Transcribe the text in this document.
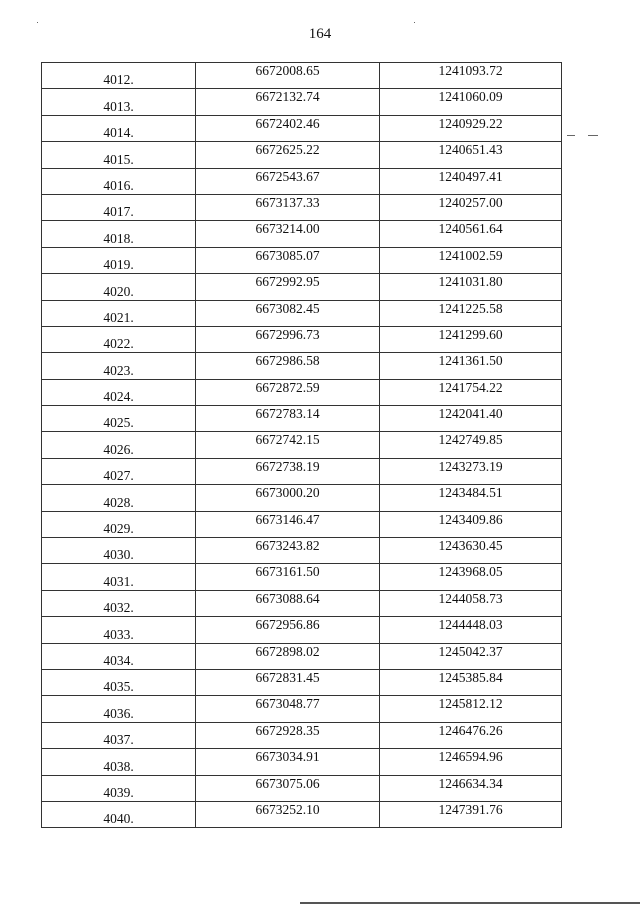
164
4012.	6672008.65	1241093.72
4013.	6672132.74	1241060.09
4014.	6672402.46	1240929.22
4015.	6672625.22	1240651.43
4016.	6672543.67	1240497.41
4017.	6673137.33	1240257.00
4018.	6673214.00	1240561.64
4019.	6673085.07	1241002.59
4020.	6672992.95	1241031.80
4021.	6673082.45	1241225.58
4022.	6672996.73	1241299.60
4023.	6672986.58	1241361.50
4024.	6672872.59	1241754.22
4025.	6672783.14	1242041.40
4026.	6672742.15	1242749.85
4027.	6672738.19	1243273.19
4028.	6673000.20	1243484.51
4029.	6673146.47	1243409.86
4030.	6673243.82	1243630.45
4031.	6673161.50	1243968.05
4032.	6673088.64	1244058.73
4033.	6672956.86	1244448.03
4034.	6672898.02	1245042.37
4035.	6672831.45	1245385.84
4036.	6673048.77	1245812.12
4037.	6672928.35	1246476.26
4038.	6673034.91	1246594.96
4039.	6673075.06	1246634.34
4040.	6673252.10	1247391.76
